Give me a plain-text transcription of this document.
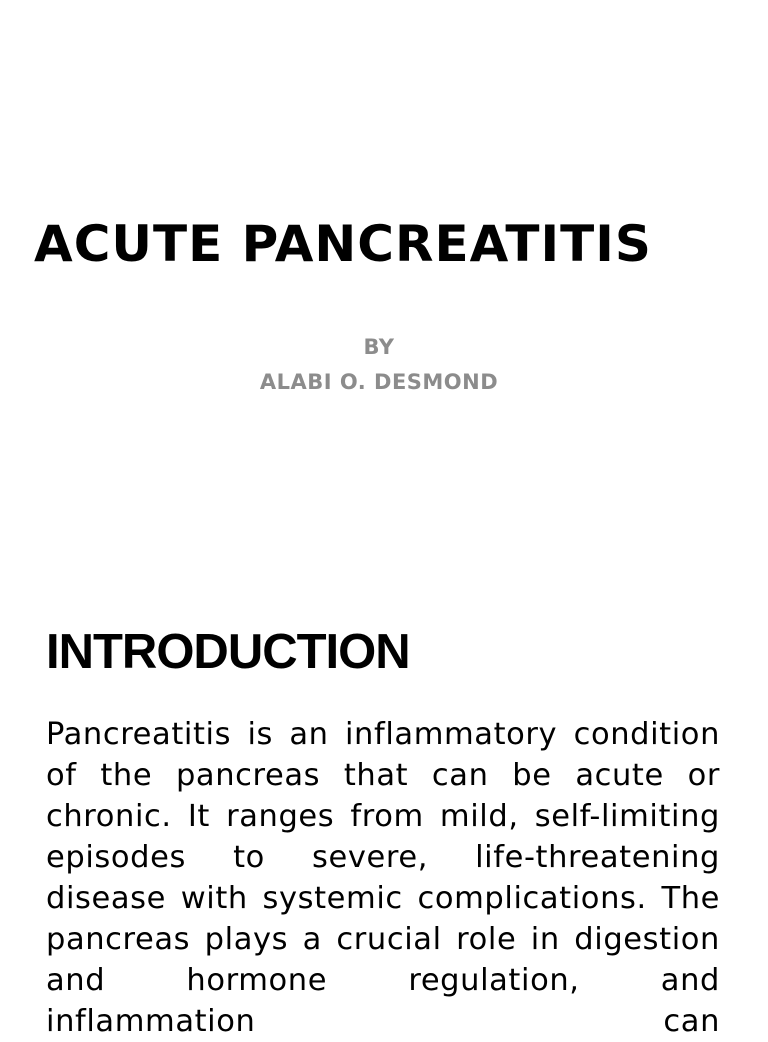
ACUTE PANCREATITIS

BY

ALABI O. DESMOND

INTRODUCTION

Pancreatitis is an inflammatory condition of the pancreas that can be acute or chronic. It ranges from mild, self-limiting episodes to severe, life-threatening disease with systemic complications. The pancreas plays a crucial role in digestion and hormone regulation, and inflammation can
